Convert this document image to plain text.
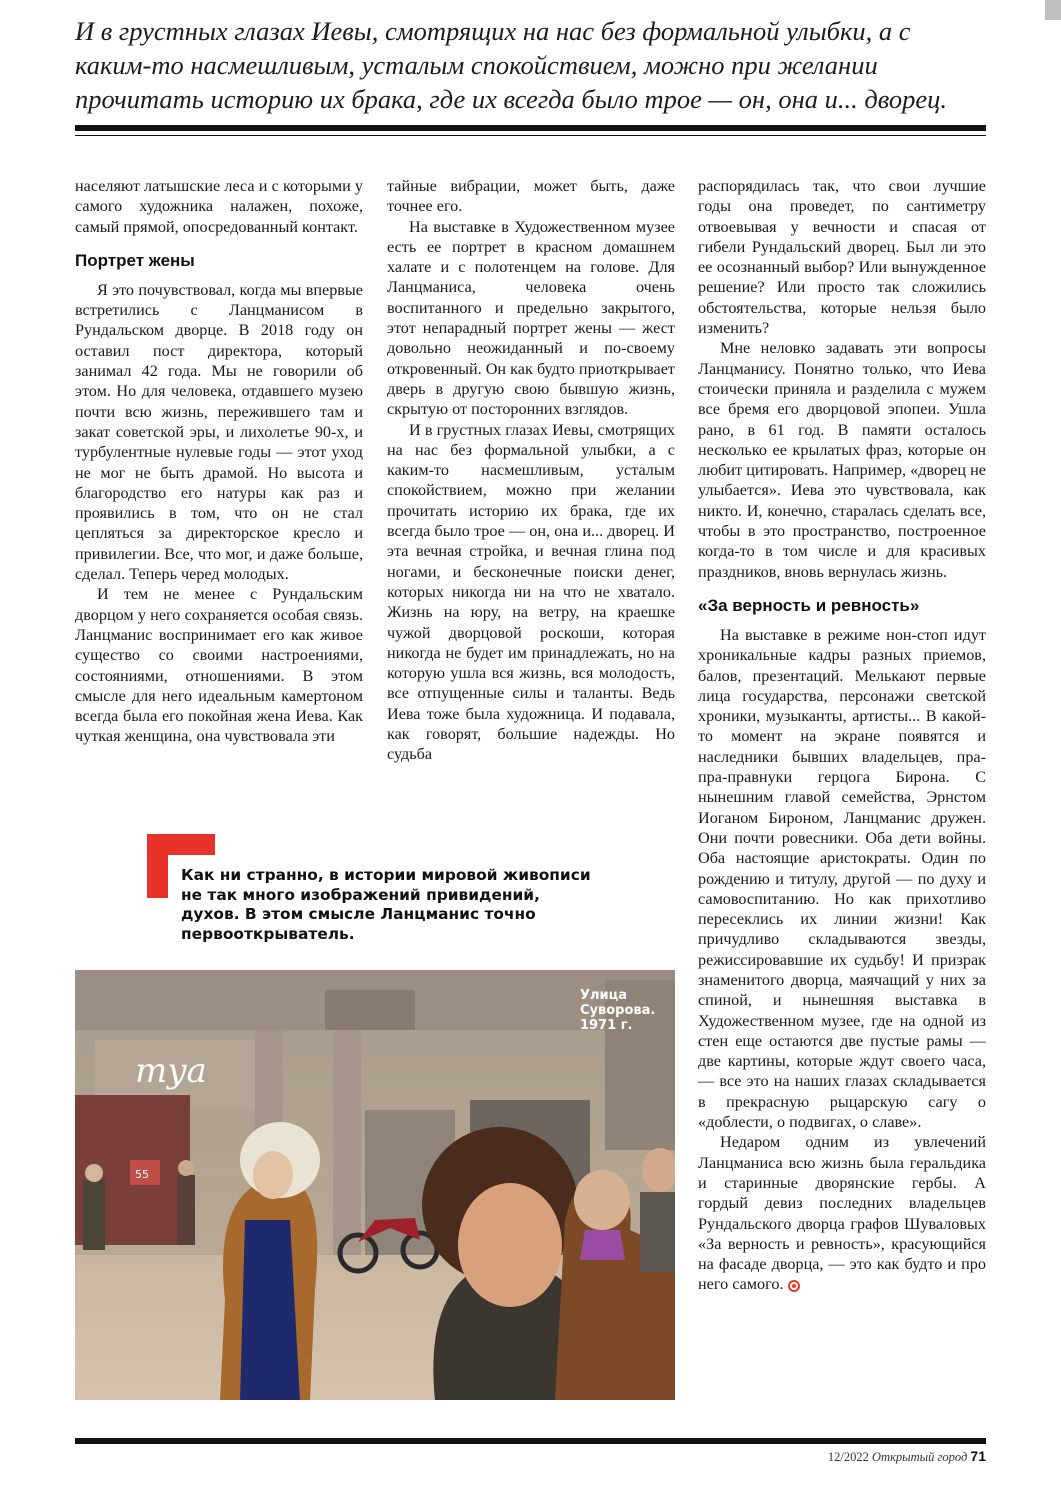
И в грустных глазах Иевы, смотрящих на нас без формальной улыбки, а с каким-то насмешливым, усталым спокойствием, можно при желании прочитать историю их брака, где их всегда было трое — он, она и... дворец.

населяют латышские леса и с которыми у самого художника налажен, похоже, самый прямой, опосредованный контакт.

Портрет жены

Я это почувствовал, когда мы впервые встретились с Ланцманисом в Рундальском дворце. В 2018 году он оставил пост директора, который занимал 42 года. Мы не говорили об этом. Но для человека, отдавшего музею почти всю жизнь, пережившего там и закат советской эры, и лихолетье 90-х, и турбулентные нулевые годы — этот уход не мог не быть драмой. Но высота и благородство его натуры как раз и проявились в том, что он не стал цепляться за директорское кресло и привилегии. Все, что мог, и даже больше, сделал. Теперь черед молодых.

И тем не менее с Рундальским дворцом у него сохраняется особая связь. Ланцманис воспринимает его как живое существо со своими настроениями, состояниями, отношениями. В этом смысле для него идеальным камертоном всегда была его покойная жена Иева. Как чуткая женщина, она чувствовала эти

тайные вибрации, может быть, даже точнее его.

На выставке в Художественном музее есть ее портрет в красном домашнем халате и с полотенцем на голове. Для Ланцманиса, человека очень воспитанного и предельно закрытого, этот непарадный портрет жены — жест довольно неожиданный и по-своему откровенный. Он как будто приоткрывает дверь в другую свою бывшую жизнь, скрытую от посторонних взглядов.

И в грустных глазах Иевы, смотрящих на нас без формальной улыбки, а с каким-то насмешливым, усталым спокойствием, можно при желании прочитать историю их брака, где их всегда было трое — он, она и... дворец. И эта вечная стройка, и вечная глина под ногами, и бесконечные поиски денег, которых никогда ни на что не хватало. Жизнь на юру, на ветру, на краешке чужой дворцовой роскоши, которая никогда не будет им принадлежать, но на которую ушла вся жизнь, вся молодость, все отпущенные силы и таланты. Ведь Иева тоже была художница. И подавала, как говорят, большие надежды. Но судьба

распорядилась так, что свои лучшие годы она проведет, по сантиметру отвоевывая у вечности и спасая от гибели Рундальский дворец. Был ли это ее осознанный выбор? Или вынужденное решение? Или просто так сложились обстоятельства, которые нельзя было изменить?

Мне неловко задавать эти вопросы Ланцманису. Понятно только, что Иева стоически приняла и разделила с мужем все бремя его дворцовой эпопеи. Ушла рано, в 61 год. В памяти осталось несколько ее крылатых фраз, которые он любит цитировать. Например, «дворец не улыбается». Иева это чувствовала, как никто. И, конечно, старалась сделать все, чтобы в это пространство, построенное когда-то в том числе и для красивых праздников, вновь вернулась жизнь.

«За верность и ревность»

На выставке в режиме нон-стоп идут хроникальные кадры разных приемов, балов, презентаций. Мелькают первые лица государства, персонажи светской хроники, музыканты, артисты... В какой-то момент на экране появятся и наследники бывших владельцев, пра-пра-правнуки герцога Бирона. С нынешним главой семейства, Эрнстом Иоганом Бироном, Ланцманис дружен. Они почти ровесники. Оба дети войны. Оба настоящие аристократы. Один по рождению и титулу, другой — по духу и самовоспитанию. Но как прихотливо пересеклись их линии жизни! Как причудливо складываются звезды, режиссировавшие их судьбу! И призрак знаменитого дворца, маячащий у них за спиной, и нынешняя выставка в Художественном музее, где на одной из стен еще остаются две пустые рамы — две картины, которые ждут своего часа, — все это на наших глазах складывается в прекрасную рыцарскую сагу о «доблести, о подвигах, о славе».

Недаром одним из увлечений Ланцманиса всю жизнь была геральдика и старинные дворянские гербы. А гордый девиз последних владельцев Рундальского дворца графов Шуваловых «За верность и ревность», красующийся на фасаде дворца, — это как будто и про него самого.

Как ни странно, в истории мировой живописи не так много изображений привидений, духов. В этом смысле Ланцманис точно первооткрыватель.

mya
55

Улица
Суворова.
1971 г.

12/2022 Открытый город 71
